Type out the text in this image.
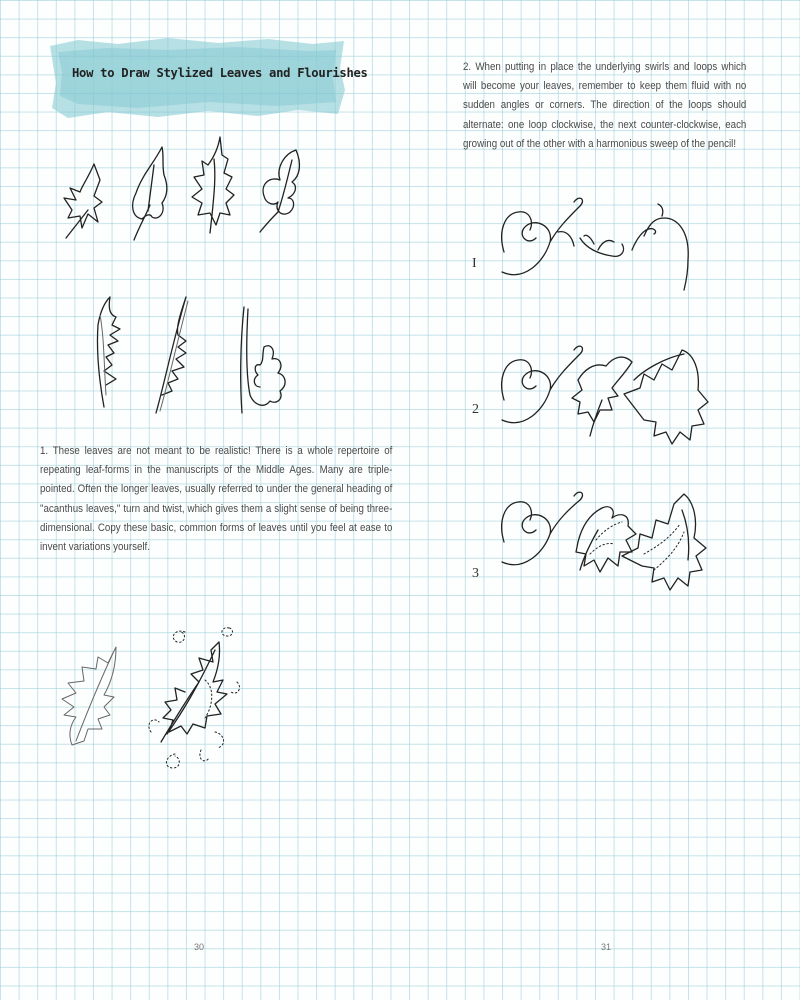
How to Draw Stylized Leaves and Flourishes
1. These leaves are not meant to be realistic! There is a whole repertoire of repeating leaf-forms in the manuscripts of the Middle Ages. Many are triple-pointed. Often the longer leaves, usually referred to under the general heading of "acanthus leaves," turn and twist, which gives them a slight sense of being three-dimensional. Copy these basic, common forms of leaves until you feel at ease to invent variations yourself.
30
2. When putting in place the underlying swirls and loops which will become your leaves, remember to keep them fluid with no sudden angles or corners. The direction of the loops should alternate: one loop clockwise, the next counter-clockwise, each growing out of the other with a harmonious sweep of the pencil!
I
2
3
31
